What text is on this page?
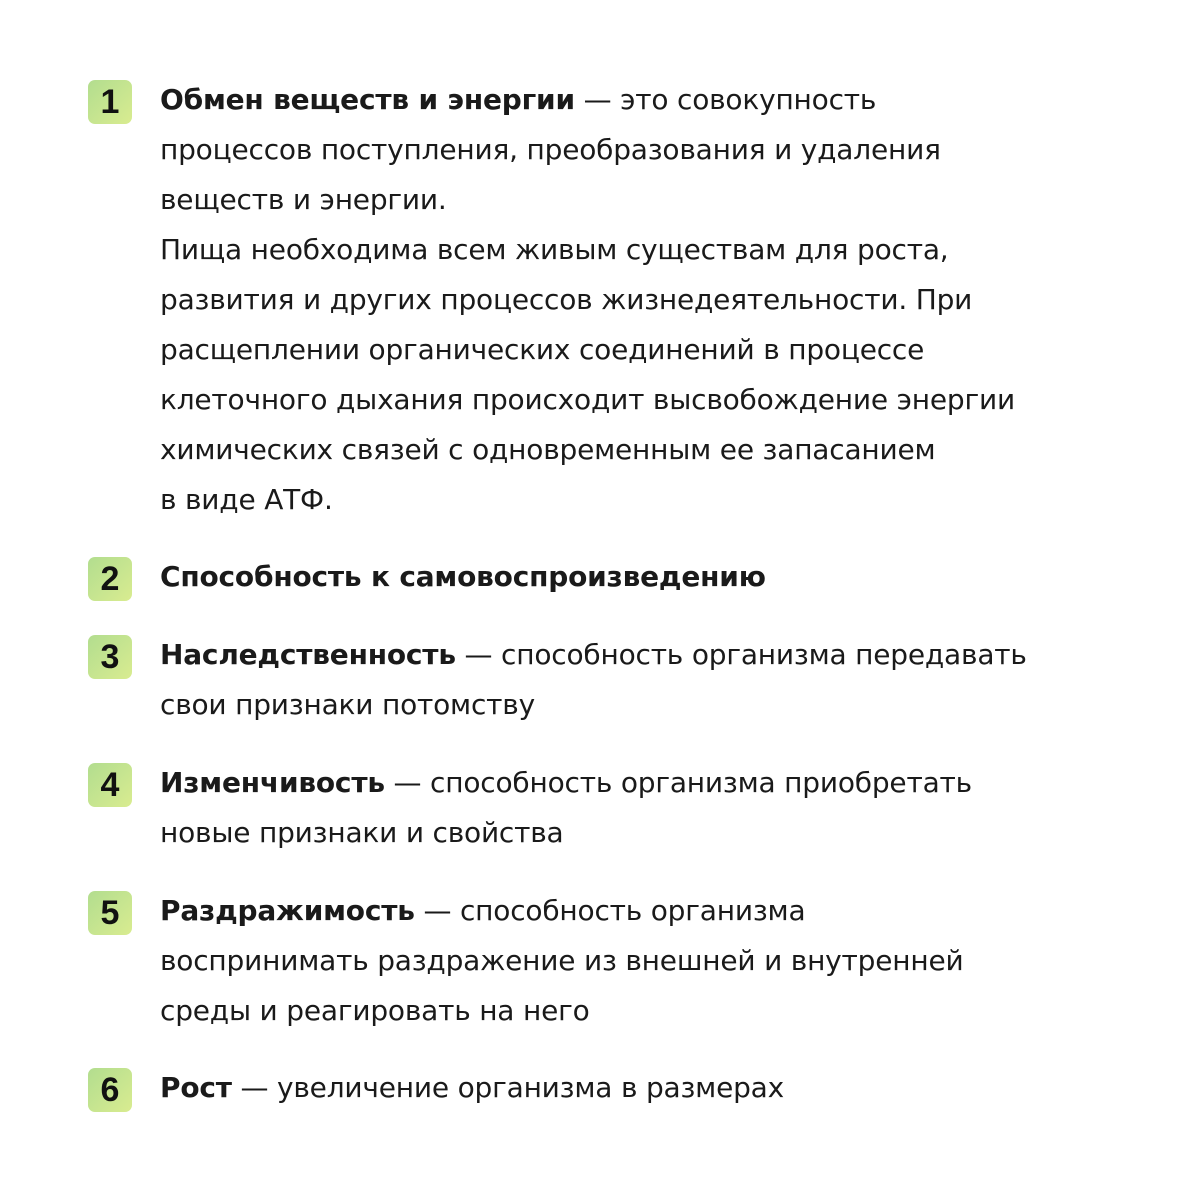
1	Обмен веществ и энергии — это совокупность
процессов поступления, преобразования и удаления
веществ и энергии.
Пища необходима всем живым существам для роста,
развития и других процессов жизнедеятельности. При
расщеплении органических соединений в процессе
клеточного дыхания происходит высвобождение энергии
химических связей с одновременным ее запасанием
в виде АТФ.
2	Способность к самовоспроизведению
3	Наследственность — способность организма передавать
свои признаки потомству
4	Изменчивость — способность организма приобретать
новые признаки и свойства
5	Раздражимость — способность организма
воспринимать раздражение из внешней и внутренней
среды и реагировать на него
6	Рост — увеличение организма в размерах
